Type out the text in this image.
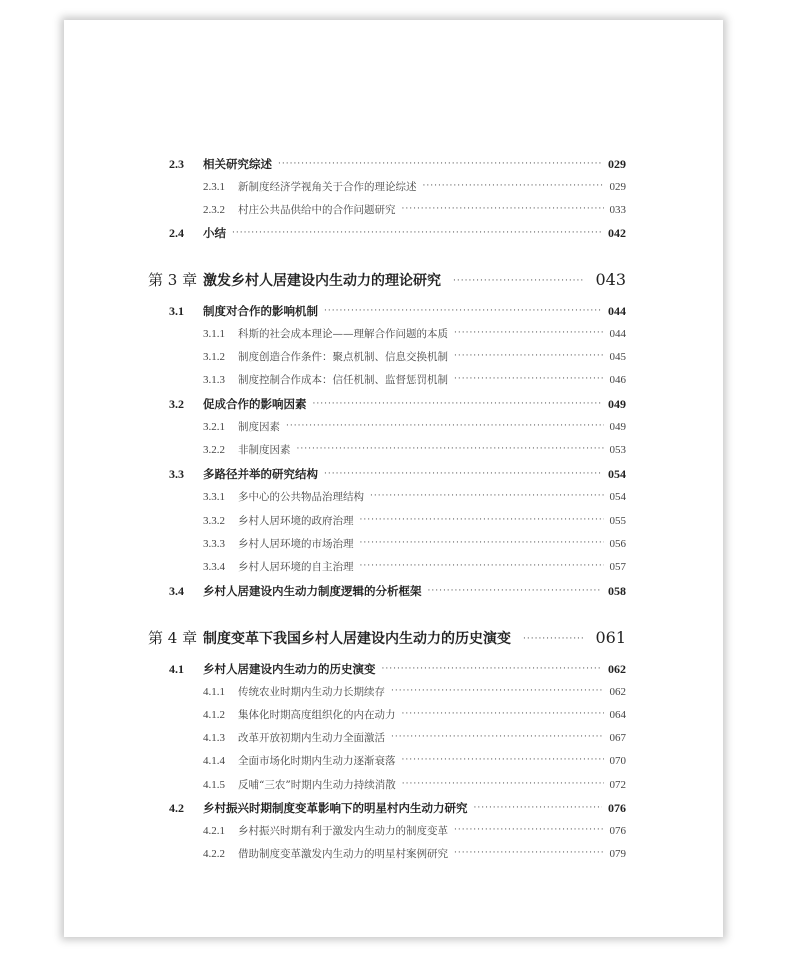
2.3	相关研究综述 ·····	029
2.3.1	新制度经济学视角关于合作的理论综述 ·····	029
2.3.2	村庄公共品供给中的合作问题研究 ·····	033
2.4	小结 ·····	042
第 3 章 激发乡村人居建设内生动力的理论研究 ·····	043
3.1	制度对合作的影响机制 ·····	044
3.1.1	科斯的社会成本理论——理解合作问题的本质 ·····	044
3.1.2	制度创造合作条件：聚点机制、信息交换机制 ·····	045
3.1.3	制度控制合作成本：信任机制、监督惩罚机制 ·····	046
3.2	促成合作的影响因素 ·····	049
3.2.1	制度因素 ·····	049
3.2.2	非制度因素 ·····	053
3.3	多路径并举的研究结构 ·····	054
3.3.1	多中心的公共物品治理结构 ·····	054
3.3.2	乡村人居环境的政府治理 ·····	055
3.3.3	乡村人居环境的市场治理 ·····	056
3.3.4	乡村人居环境的自主治理 ·····	057
3.4	乡村人居建设内生动力制度逻辑的分析框架 ·····	058
第 4 章 制度变革下我国乡村人居建设内生动力的历史演变 ·····	061
4.1	乡村人居建设内生动力的历史演变 ·····	062
4.1.1	传统农业时期内生动力长期续存 ·····	062
4.1.2	集体化时期高度组织化的内在动力 ·····	064
4.1.3	改革开放初期内生动力全面激活 ·····	067
4.1.4	全面市场化时期内生动力逐渐衰落 ·····	070
4.1.5	反哺“三农”时期内生动力持续消散 ·····	072
4.2	乡村振兴时期制度变革影响下的明星村内生动力研究 ·····	076
4.2.1	乡村振兴时期有利于激发内生动力的制度变革 ·····	076
4.2.2	借助制度变革激发内生动力的明星村案例研究 ·····	079
